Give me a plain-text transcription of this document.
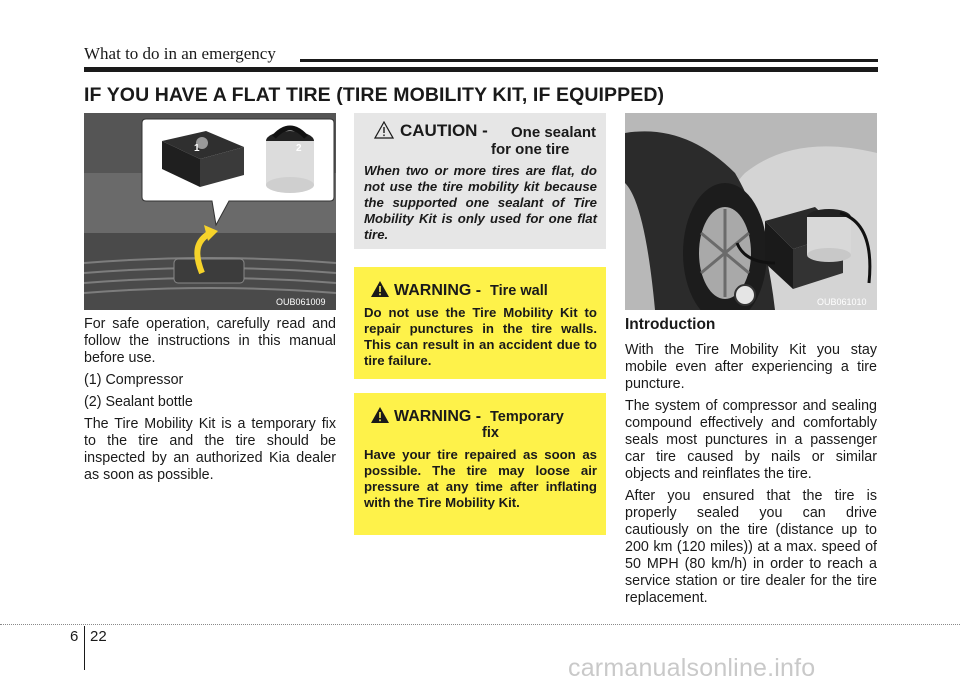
What to do in an emergency
IF YOU HAVE A FLAT TIRE (TIRE MOBILITY KIT, IF EQUIPPED)
1	2
OUB061009

For safe operation, carefully read and follow the instructions in this manual before use.

(1) Compressor

(2) Sealant bottle

The Tire Mobility Kit is a temporary fix to the tire and the tire should be inspected by an authorized Kia dealer as soon as possible.

CAUTION - One sealant
for one tire
When two or more tires are flat, do not use the tire mobility kit because the supported one sealant of Tire Mobility Kit is only used for one flat tire.
WARNING - Tire wall
Do not use the Tire Mobility Kit to repair punctures in the tire walls. This can result in an accident due to tire failure.
WARNING - Temporary
fix
Have your tire repaired as soon as possible. The tire may loose air pressure at any time after inflating with the Tire Mobility Kit.
OUB061010
Introduction

With the Tire Mobility Kit you stay mobile even after experiencing a tire puncture.

The system of compressor and sealing compound effectively and comfortably seals most punctures in a passenger car tire caused by nails or similar objects and reinflates the tire.

After you ensured that the tire is properly sealed you can drive cautiously on the tire (distance up to 200 km (120 miles)) at a max. speed of 50 MPH (80 km/h) in order to reach a service station or tire dealer for the tire replacement.

6 22
carmanualsonline.info
